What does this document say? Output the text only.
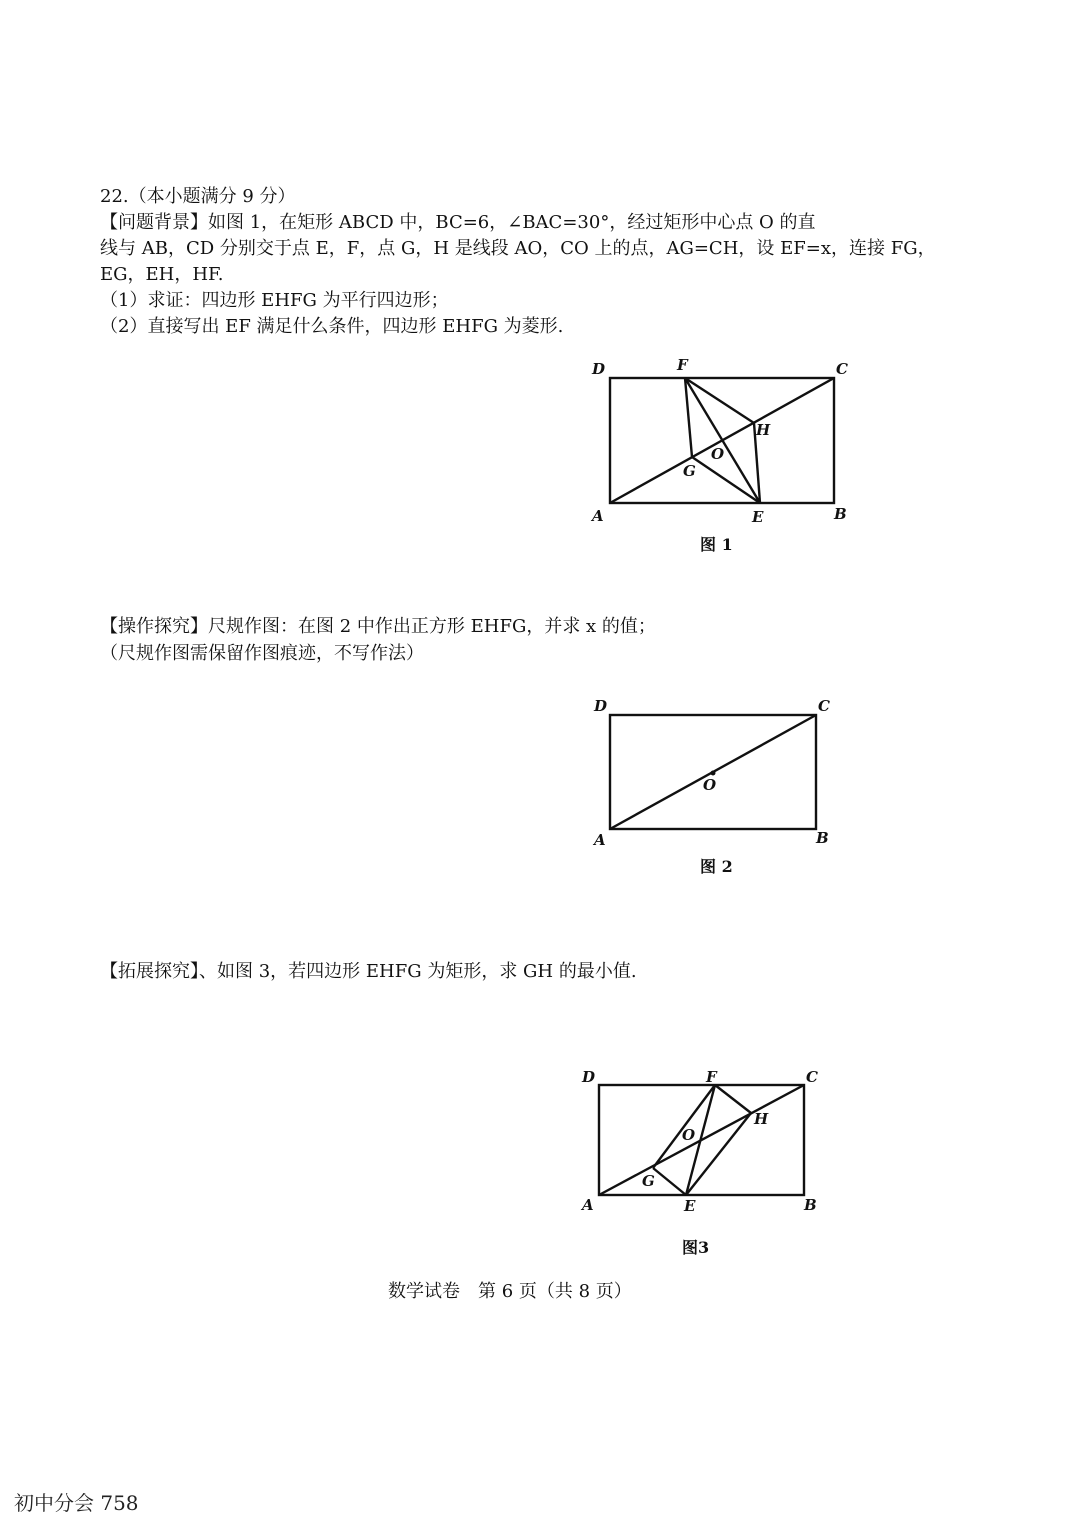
22.（本小题满分 9 分）
【问题背景】如图 1，在矩形 ABCD 中，BC=6，∠BAC=30°，经过矩形中心点 O 的直
线与 AB，CD 分别交于点 E，F，点 G，H 是线段 AO，CO 上的点，AG=CH，设 EF=x，连接 FG，
EG，EH，HF.
（1）求证：四边形 EHFG 为平行四边形；
（2）直接写出 EF 满足什么条件，四边形 EHFG 为菱形.
D	F	C
H
O
G
A	E	B
图 1
【操作探究】尺规作图：在图 2 中作出正方形 EHFG，并求 x 的值；
（尺规作图需保留作图痕迹，不写作法）
D	C
O
A	B
图 2
【拓展探究】、如图 3，若四边形 EHFG 为矩形，求 GH 的最小值.
D	F	C
H
O
G
A	E	B
图3
数学试卷　第 6 页（共 8 页）
初中分会 758
